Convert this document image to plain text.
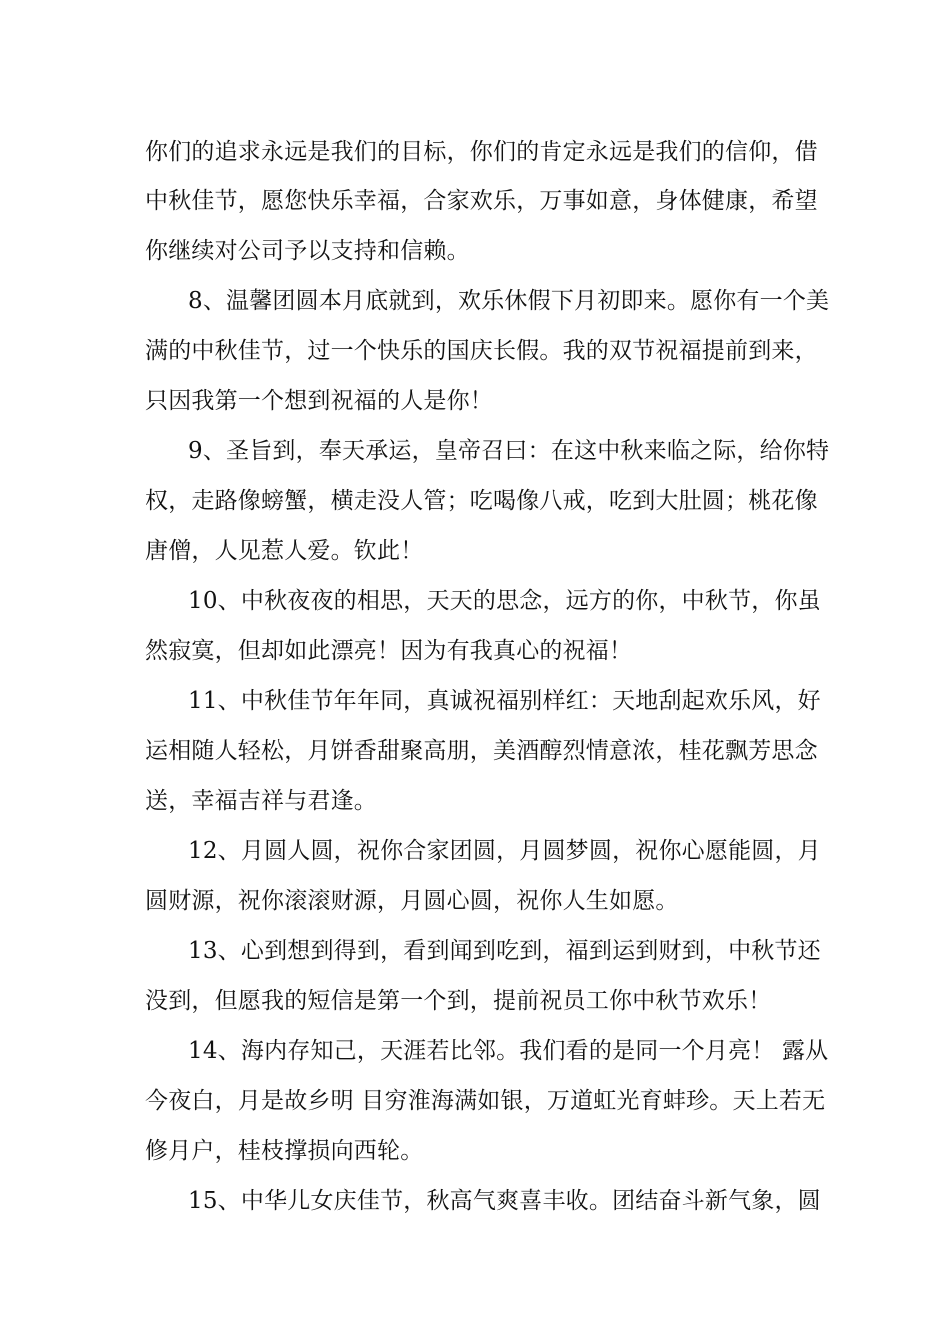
你们的追求永远是我们的目标，你们的肯定永远是我们的信仰，借
中秋佳节，愿您快乐幸福，合家欢乐，万事如意，身体健康，希望
你继续对公司予以支持和信赖。
8、温馨团圆本月底就到，欢乐休假下月初即来。愿你有一个美
满的中秋佳节，过一个快乐的国庆长假。我的双节祝福提前到来，
只因我第一个想到祝福的人是你！
9、圣旨到，奉天承运，皇帝召曰：在这中秋来临之际，给你特
权，走路像螃蟹，横走没人管；吃喝像八戒，吃到大肚圆；桃花像
唐僧，人见惹人爱。钦此！
10、中秋夜夜的相思，天天的思念，远方的你，中秋节，你虽
然寂寞，但却如此漂亮！因为有我真心的祝福！
11、中秋佳节年年同，真诚祝福别样红：天地刮起欢乐风，好
运相随人轻松，月饼香甜聚高朋，美酒醇烈情意浓，桂花飘芳思念
送，幸福吉祥与君逢。
12、月圆人圆，祝你合家团圆，月圆梦圆，祝你心愿能圆，月
圆财源，祝你滚滚财源，月圆心圆，祝你人生如愿。
13、心到想到得到，看到闻到吃到，福到运到财到，中秋节还
没到，但愿我的短信是第一个到，提前祝员工你中秋节欢乐！
14、海内存知己，天涯若比邻。我们看的是同一个月亮！ 露从
今夜白，月是故乡明 目穷淮海满如银，万道虹光育蚌珍。天上若无
修月户，桂枝撑损向西轮。
15、中华儿女庆佳节，秋高气爽喜丰收。团结奋斗新气象，圆
